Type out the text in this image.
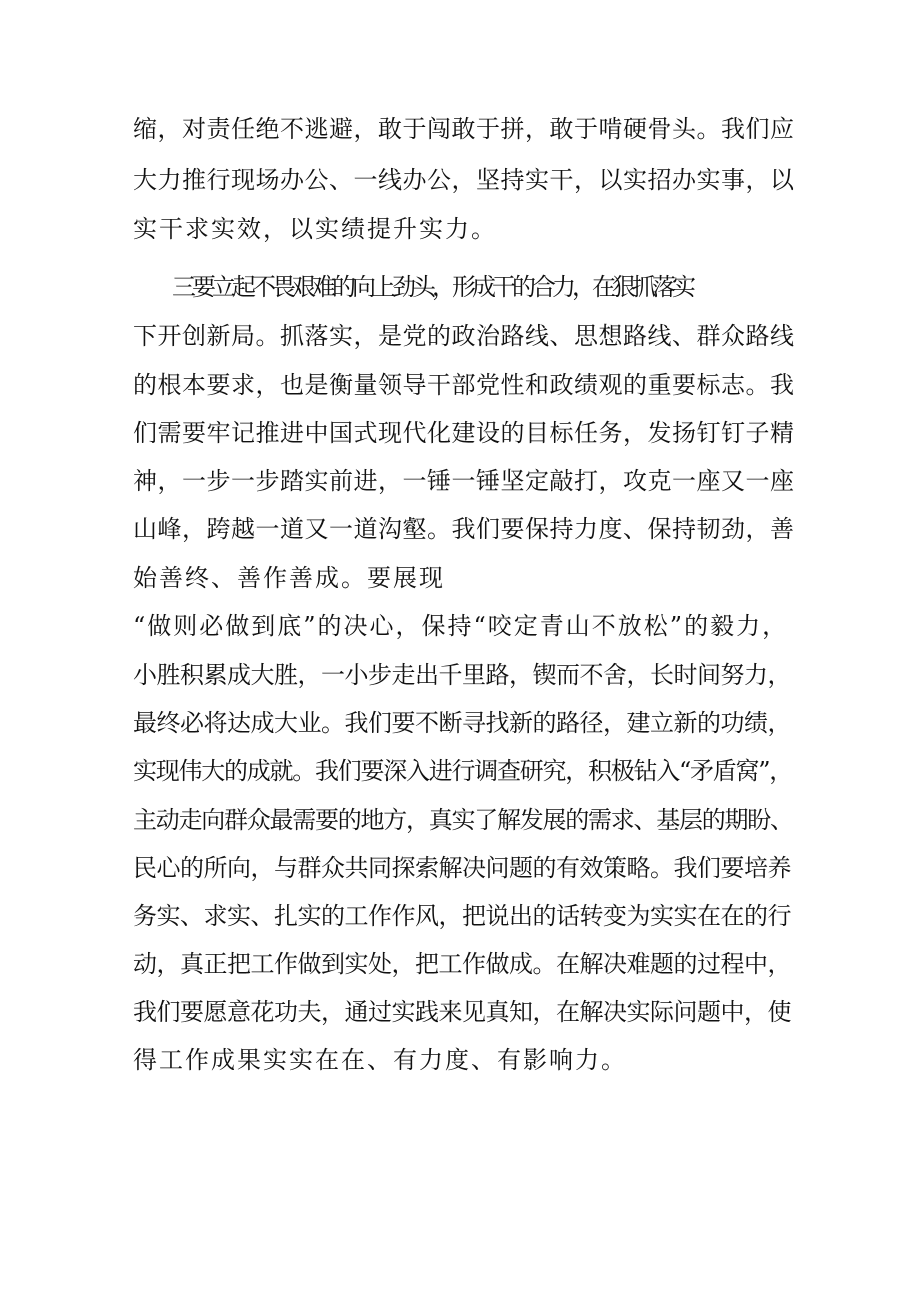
缩，对责任绝不逃避，敢于闯敢于拼，敢于啃硬骨头。我们应
大力推行现场办公、一线办公，坚持实干，以实招办实事，以
实干求实效，以实绩提升实力。
三要立起不畏艰难的向上劲头，形成干的合力，在狠抓落实
下开创新局。抓落实，是党的政治路线、思想路线、群众路线
的根本要求，也是衡量领导干部党性和政绩观的重要标志。我
们需要牢记推进中国式现代化建设的目标任务，发扬钉钉子精
神，一步一步踏实前进，一锤一锤坚定敲打，攻克一座又一座
山峰，跨越一道又一道沟壑。我们要保持力度、保持韧劲，善
始善终、善作善成。要展现
“做则必做到底”的决心，保持“咬定青山不放松”的毅力，
小胜积累成大胜，一小步走出千里路，锲而不舍，长时间努力，
最终必将达成大业。我们要不断寻找新的路径，建立新的功绩，
实现伟大的成就。我们要深入进行调查研究，积极钻入“矛盾窝”，
主动走向群众最需要的地方，真实了解发展的需求、基层的期盼、
民心的所向，与群众共同探索解决问题的有效策略。我们要培养
务实、求实、扎实的工作作风，把说出的话转变为实实在在的行
动，真正把工作做到实处，把工作做成。在解决难题的过程中，
我们要愿意花功夫，通过实践来见真知，在解决实际问题中，使
得工作成果实实在在、有力度、有影响力。
